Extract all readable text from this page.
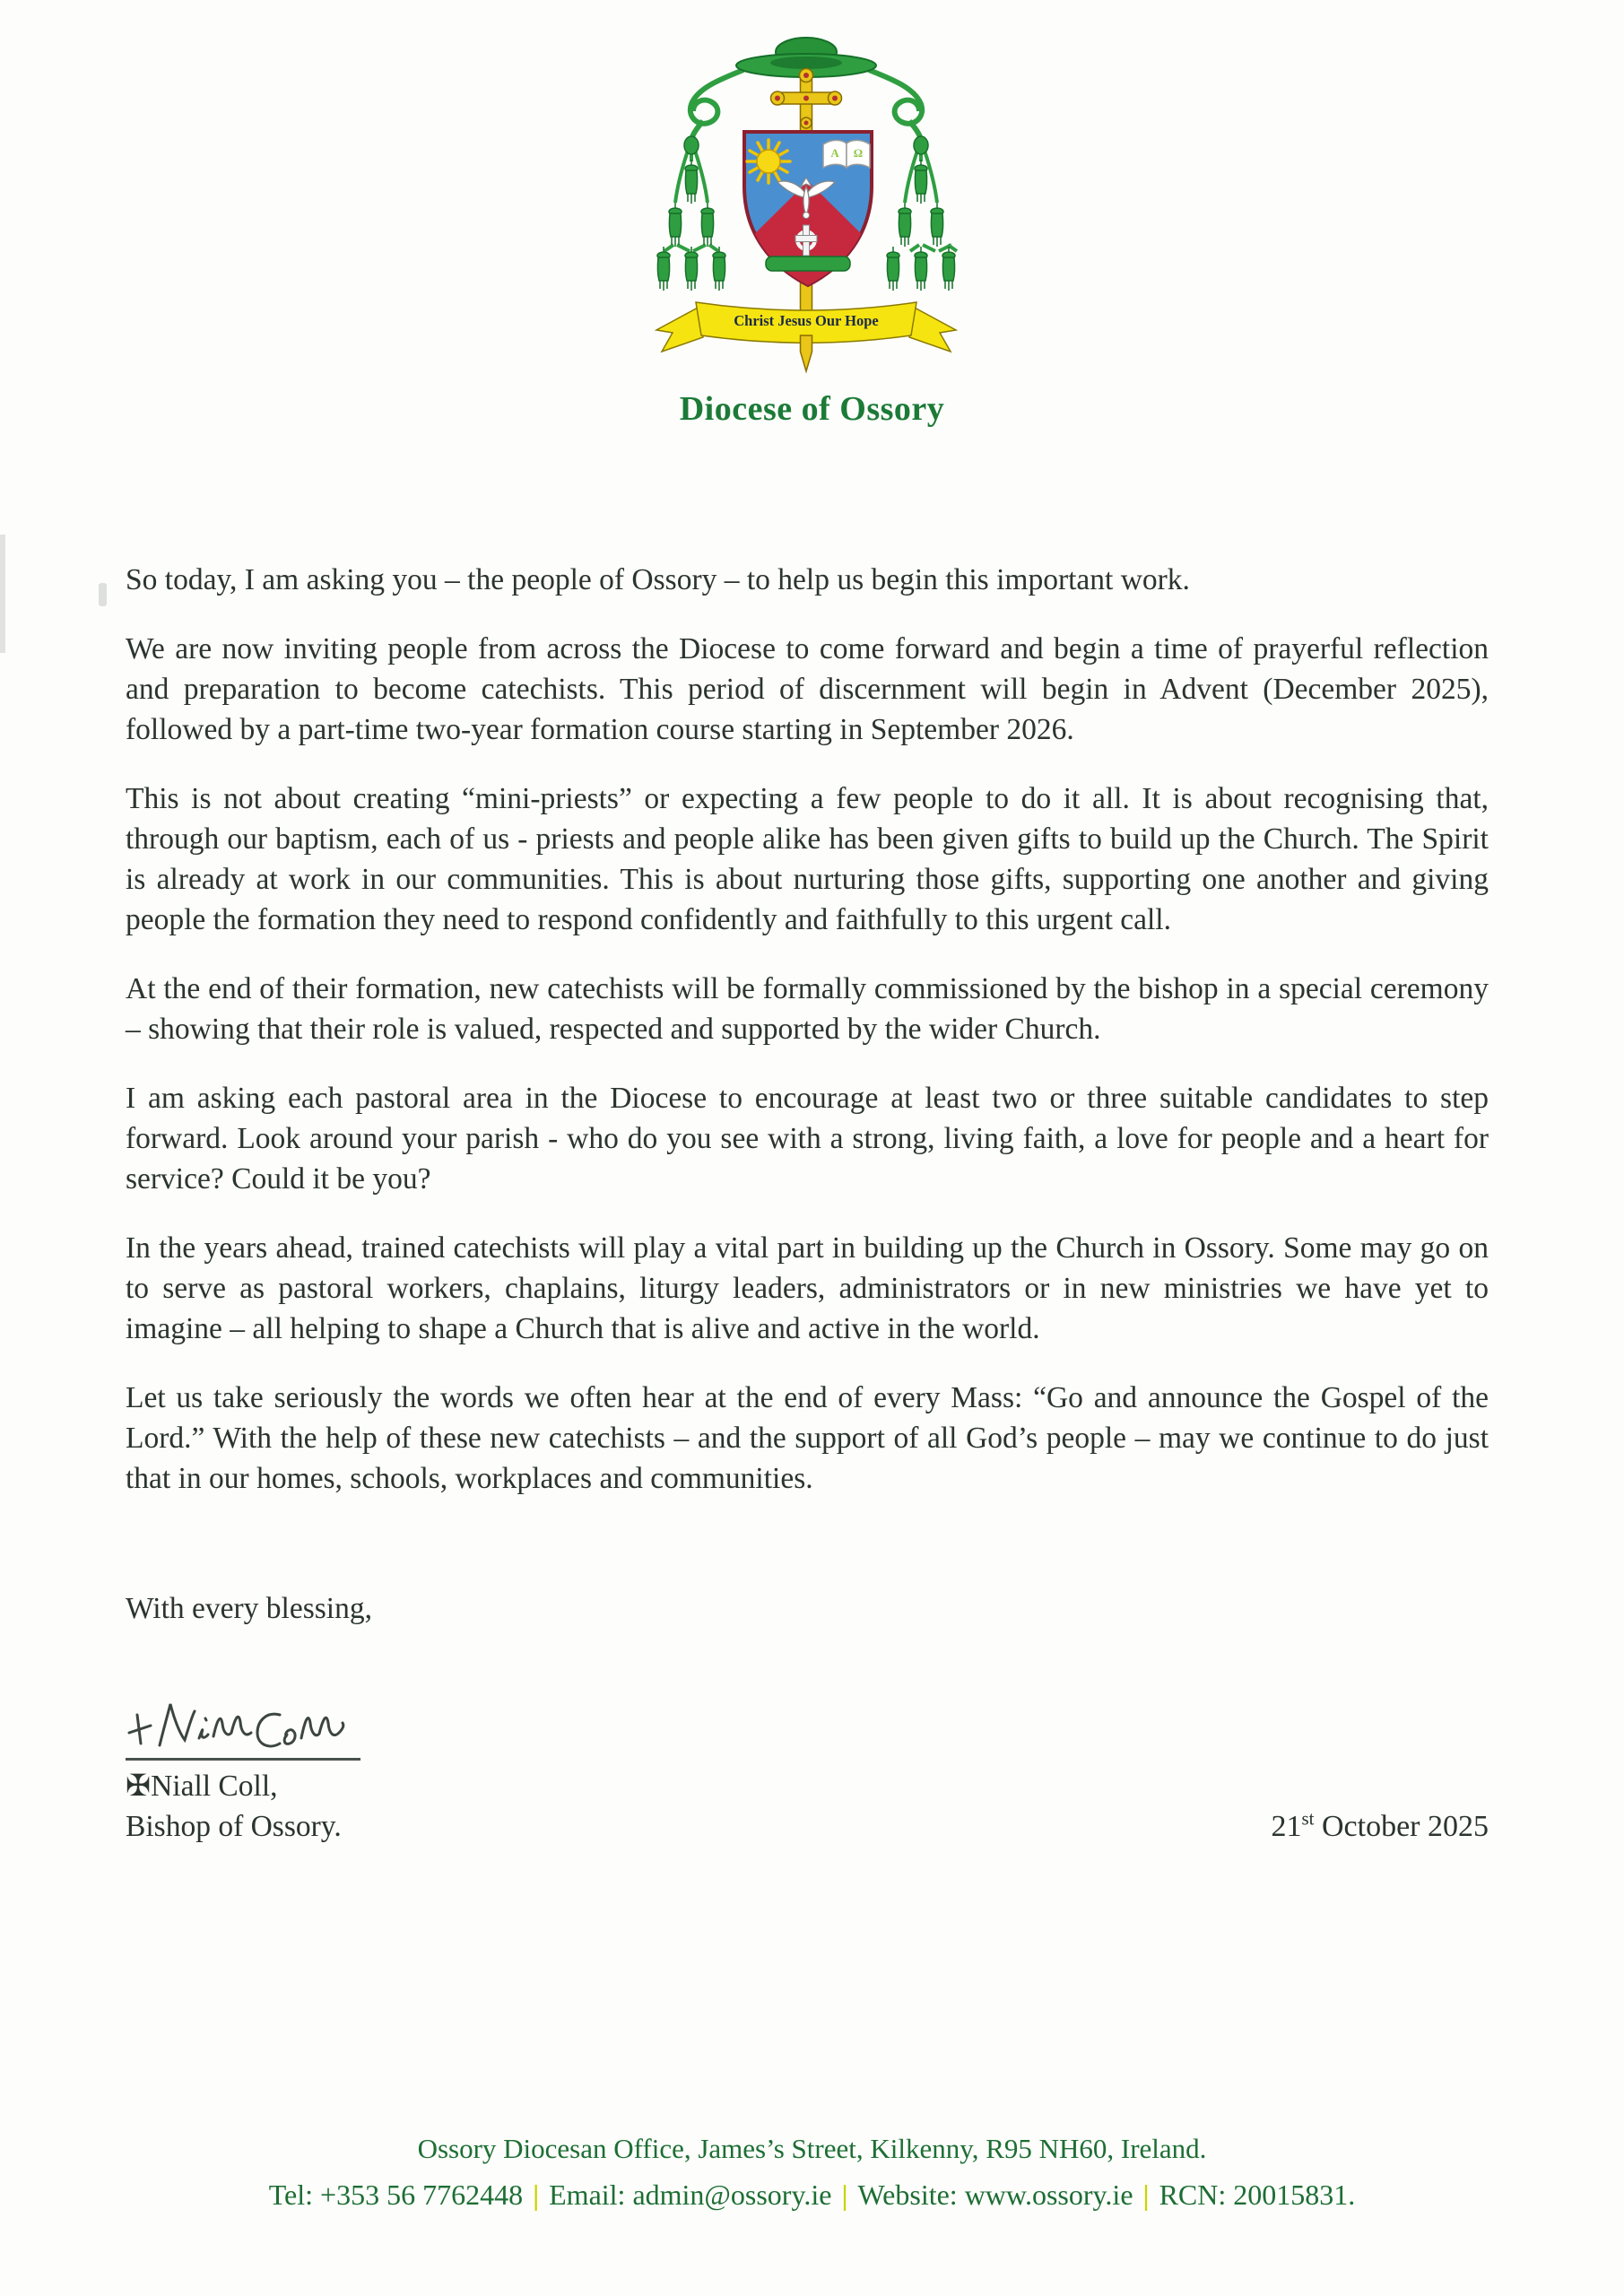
Α Ω
Christ Jesus Our Hope
Diocese of Ossory

So today, I am asking you – the people of Ossory – to help us begin this important work.

We are now inviting people from across the Diocese to come forward and begin a time of prayerful reflection and preparation to become catechists. This period of discernment will begin in Advent (December 2025), followed by a part-time two-year formation course starting in September 2026.

This is not about creating “mini-priests” or expecting a few people to do it all. It is about recognising that, through our baptism, each of us - priests and people alike has been given gifts to build up the Church. The Spirit is already at work in our communities. This is about nurturing those gifts, supporting one another and giving people the formation they need to respond confidently and faithfully to this urgent call.

At the end of their formation, new catechists will be formally commissioned by the bishop in a special ceremony – showing that their role is valued, respected and supported by the wider Church.

I am asking each pastoral area in the Diocese to encourage at least two or three suitable candidates to step forward. Look around your parish - who do you see with a strong, living faith, a love for people and a heart for service? Could it be you?

In the years ahead, trained catechists will play a vital part in building up the Church in Ossory. Some may go on to serve as pastoral workers, chaplains, liturgy leaders, administrators or in new ministries we have yet to imagine – all helping to shape a Church that is alive and active in the world.

Let us take seriously the words we often hear at the end of every Mass: “Go and announce the Gospel of the Lord.” With the help of these new catechists – and the support of all God’s people – may we continue to do just that in our homes, schools, workplaces and communities.

With every blessing,

✠Niall Coll,
Bishop of Ossory.	21st October 2025
Ossory Diocesan Office, James’s Street, Kilkenny, R95 NH60, Ireland.
Tel: +353 56 7762448 | Email: admin@ossory.ie | Website: www.ossory.ie | RCN: 20015831.
